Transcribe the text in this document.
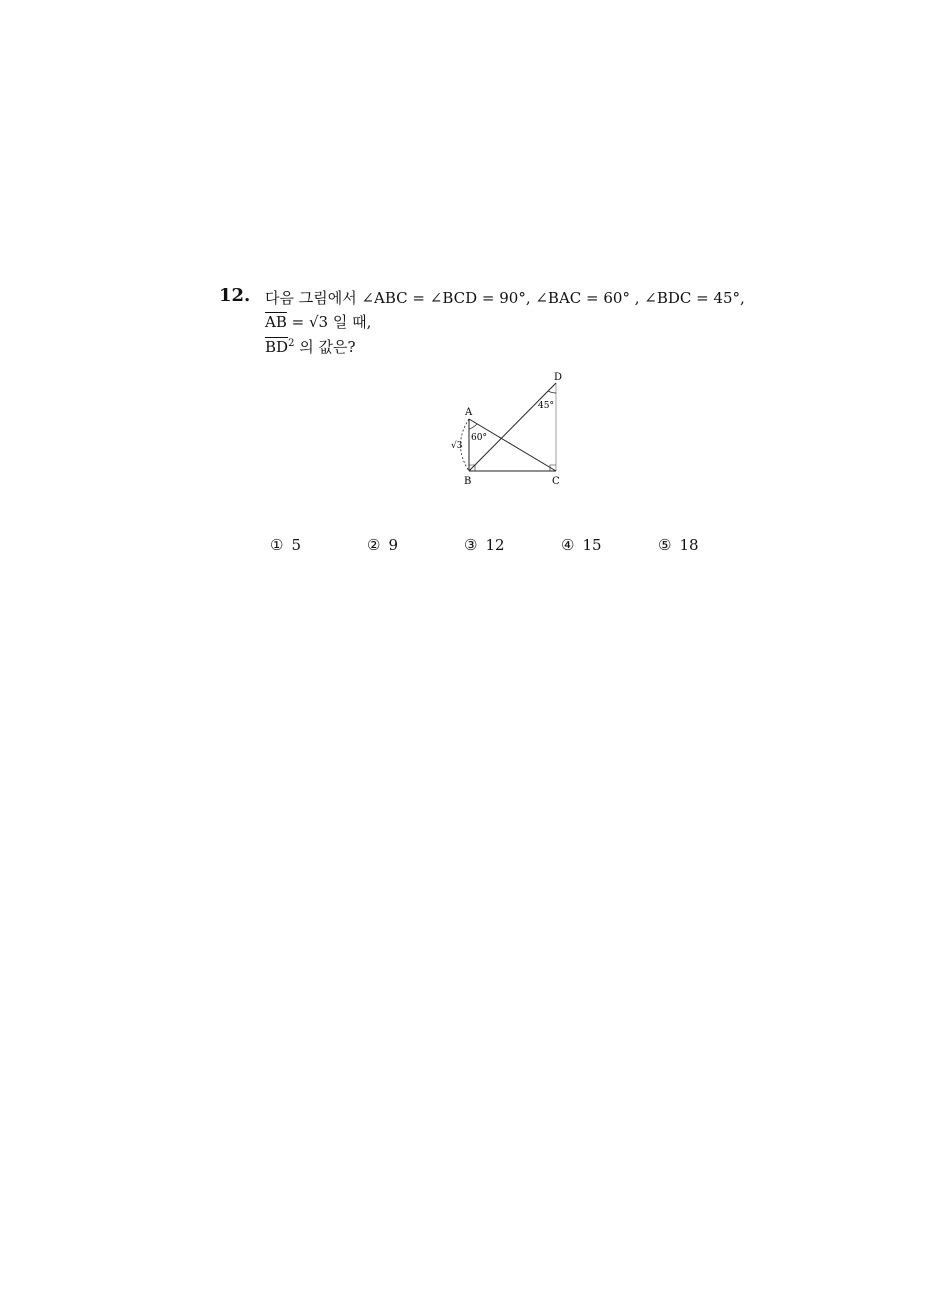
12. 다음 그림에서 ∠ABC = ∠BCD = 90°, ∠BAC = 60° , ∠BDC = 45°,
$\overline{AB} = √3$ 일 때,
$\overline{BD}^2$ 의 값은?
A
B	C
D
60°
45°
√3
① 5	② 9	③ 12	④ 15	⑤ 18
